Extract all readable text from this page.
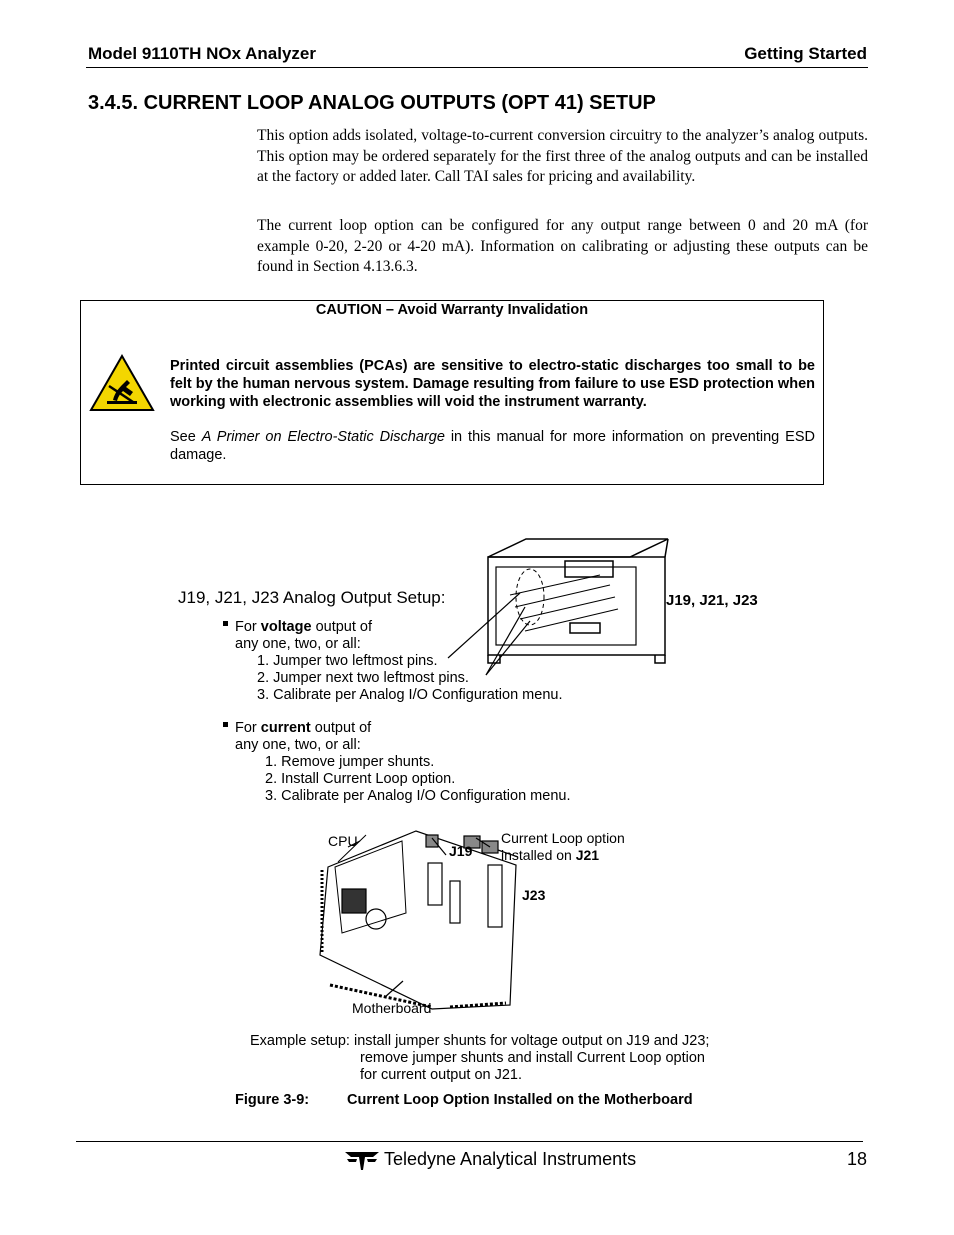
Model 9110TH NOx Analyzer	Getting Started
3.4.5. CURRENT LOOP ANALOG OUTPUTS (OPT 41) SETUP
This option adds isolated, voltage-to-current conversion circuitry to the analyzer’s analog outputs. This option may be ordered separately for the first three of the analog outputs and can be installed at the factory or added later. Call TAI sales for pricing and availability.
The current loop option can be configured for any output range between 0 and 20 mA (for example 0-20, 2-20 or 4-20 mA). Information on calibrating or adjusting these outputs can be found in Section 4.13.6.3.
CAUTION – Avoid Warranty Invalidation
Printed circuit assemblies (PCAs) are sensitive to electro-static discharges too small to be felt by the human nervous system. Damage resulting from failure to use ESD protection when working with electronic assemblies will void the instrument warranty.
See A Primer on Electro-Static Discharge in this manual for more information on preventing ESD damage.
J19, J21, J23
J19, J21, J23 Analog Output Setup:
For voltage output of
any one, two, or all:
1. Jumper two leftmost pins.
2. Jumper next two leftmost pins.
3. Calibrate per Analog I/O Configuration menu.
For current output of
any one, two, or all:
1. Remove jumper shunts.
2. Install Current Loop option.
3. Calibrate per Analog I/O Configuration menu.
CPU
J19
Current Loop option
installed on J21
J23
Motherboard
Example setup: install jumper shunts for voltage output on J19 and J23;
remove jumper shunts and install Current Loop option
for current output on J21.
Figure 3-9:	Current Loop Option Installed on the Motherboard
Teledyne Analytical Instruments	18
